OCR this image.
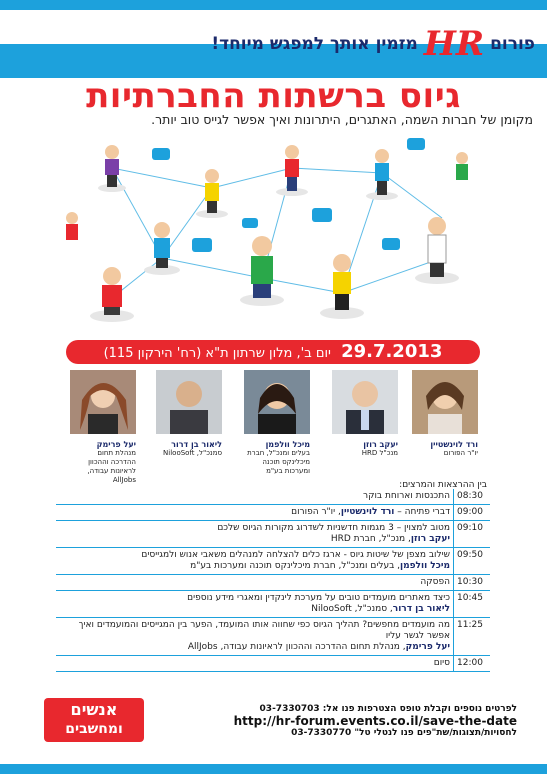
פורום HR מזמין אותך למפגש מיוחד!
גיוס ברשתות החברתיות
מקומן של חברות השמה, האתגרים, היתרונות ואיך אפשר לגייס טוב יותר.
29.7.2013 יום ב', מלון שרתון ת"א (רח' הירקון 115)
ורד לוינשטיין
יו"ר הפורום
יעקב רוזן
מנכ"ל HRD
מיכל וולפמן
בעלים ומנכ"ל, חברת מיכלינקס תוכנה ומערכות בע"מ
ליאור בן דרור
סמנכ"ל, NilooSoft
יעל פרימק
מנהלת תחום ההדרכה וההכוון לראיונות עבודה, AllJobs	בין ההרצאות והמרצים:
התכנסות וארוחת בוקר	08:30
דברי פתיחה – ורד לוינשטיין, יו"ר הפורום	09:00
מטוב למצוין – 3 מגמות חדשניות לשדרוג מקורות הגיוס שלכם
יעקב רוזן, מנכ"ל, חברת HRD	09:10
שילוב מצפן של שיטות גיוס - ארגז כלים להצלחה למנהלים משאבי אנוש ולמגייסים
מיכל וולפמן, בעלים ומנכ"ל, חברת מיכלינקס תוכנה ומערכות בע"מ	09:50
הפסקה	10:30
כיצד מאתרים מועמדים טובים על מערכת לינקדין ומאגרי מידע נוספים
ליאור בן דרור, סמנכ"ל, NilooSoft	10:45
מה מועמדים מחפשים? תהליך הגיוס כפי שחווה אותו המועמד, הפער בין המגייסים והמועמדים ואיך אפשר לגשר עליו
יעל פרימק, מנהלת תחום ההדרכה וההכוון לראיונות עבודה, AllJobs	11:25
סיום	12:00
אנשים
ומחשבים
לפרטים נוספים וקבלת טופס הצטרפות פנו אל: 03-7330703
http://hr-forum.events.co.il/save-the-date
לחסויות/תצוגות/שת"פים פנו לנטלי טל" 03-7330770
